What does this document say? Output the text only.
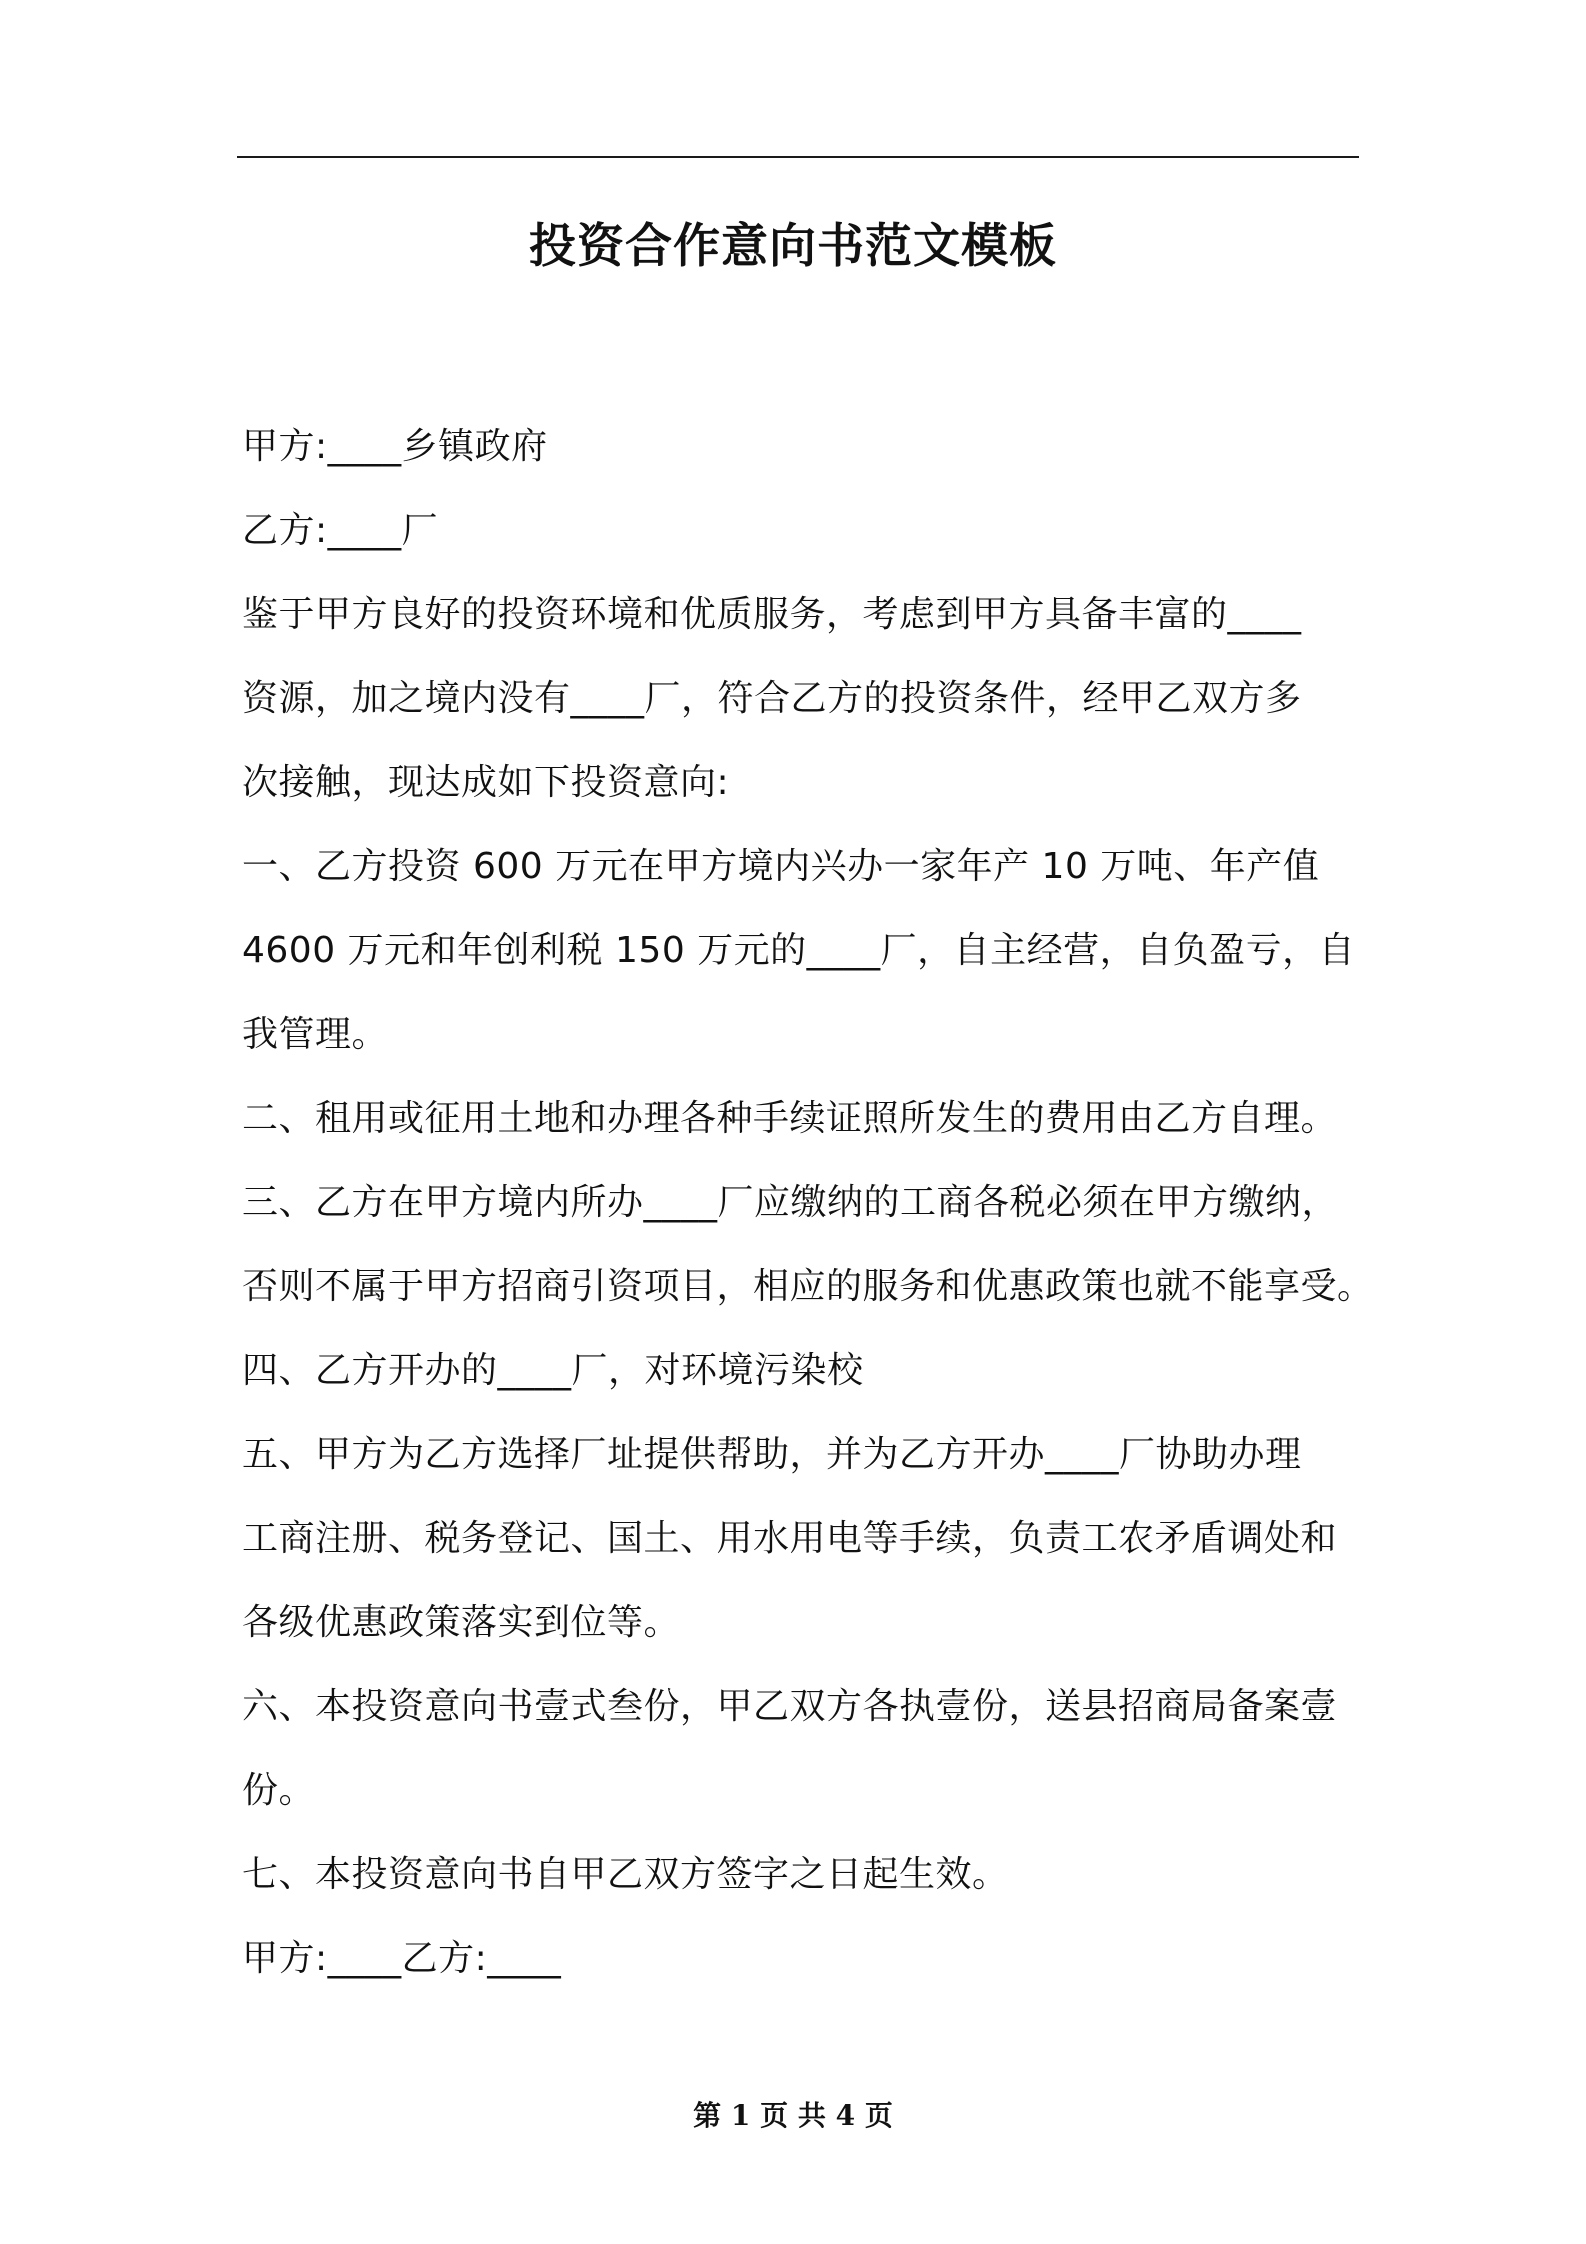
投资合作意向书范文模板
甲方:____乡镇政府
乙方:____厂
鉴于甲方良好的投资环境和优质服务，考虑到甲方具备丰富的____
资源，加之境内没有____厂，符合乙方的投资条件，经甲乙双方多
次接触，现达成如下投资意向:
一、乙方投资 600 万元在甲方境内兴办一家年产 10 万吨、年产值
4600 万元和年创利税 150 万元的____厂，自主经营，自负盈亏，自
我管理。
二、租用或征用土地和办理各种手续证照所发生的费用由乙方自理。
三、乙方在甲方境内所办____厂应缴纳的工商各税必须在甲方缴纳，
否则不属于甲方招商引资项目，相应的服务和优惠政策也就不能享受。
四、乙方开办的____厂，对环境污染校
五、甲方为乙方选择厂址提供帮助，并为乙方开办____厂协助办理
工商注册、税务登记、国土、用水用电等手续，负责工农矛盾调处和
各级优惠政策落实到位等。
六、本投资意向书壹式叁份，甲乙双方各执壹份，送县招商局备案壹
份。
七、本投资意向书自甲乙双方签字之日起生效。
甲方:____乙方:____
第 1 页 共 4 页
